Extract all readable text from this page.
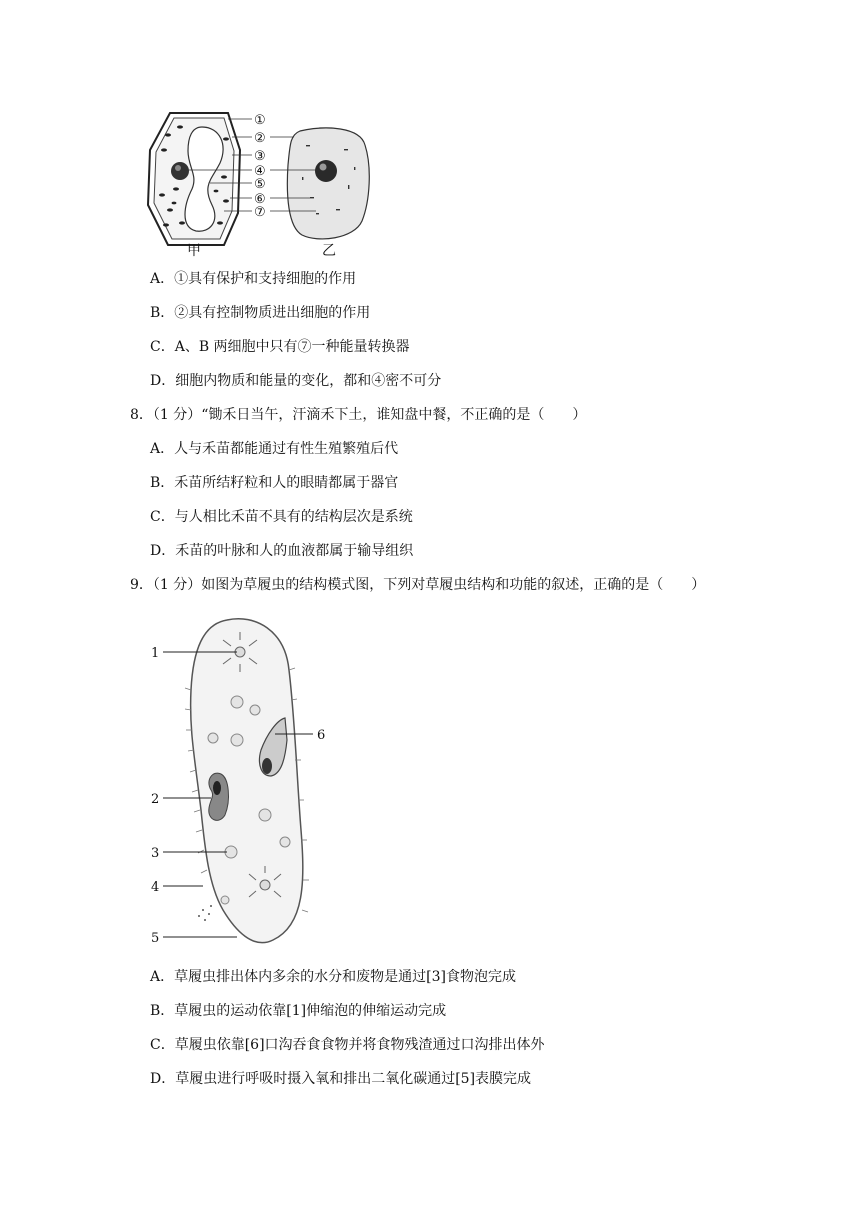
①
②
③
④
⑤
⑥
⑦
甲	乙
A．①具有保护和支持细胞的作用
B．②具有控制物质进出细胞的作用
C．A、B 两细胞中只有⑦一种能量转换器
D．细胞内物质和能量的变化，都和④密不可分
8．（1 分）“锄禾日当午，汗滴禾下土，谁知盘中餐，不正确的是（　　）
A．人与禾苗都能通过有性生殖繁殖后代
B．禾苗所结籽粒和人的眼睛都属于器官
C．与人相比禾苗不具有的结构层次是系统
D．禾苗的叶脉和人的血液都属于输导组织
9．（1 分）如图为草履虫的结构模式图，下列对草履虫结构和功能的叙述，正确的是（　　）
1
2
3
4
5
6
A．草履虫排出体内多余的水分和废物是通过[3]食物泡完成
B．草履虫的运动依靠[1]伸缩泡的伸缩运动完成
C．草履虫依靠[6]口沟吞食食物并将食物残渣通过口沟排出体外
D．草履虫进行呼吸时摄入氧和排出二氧化碳通过[5]表膜完成
